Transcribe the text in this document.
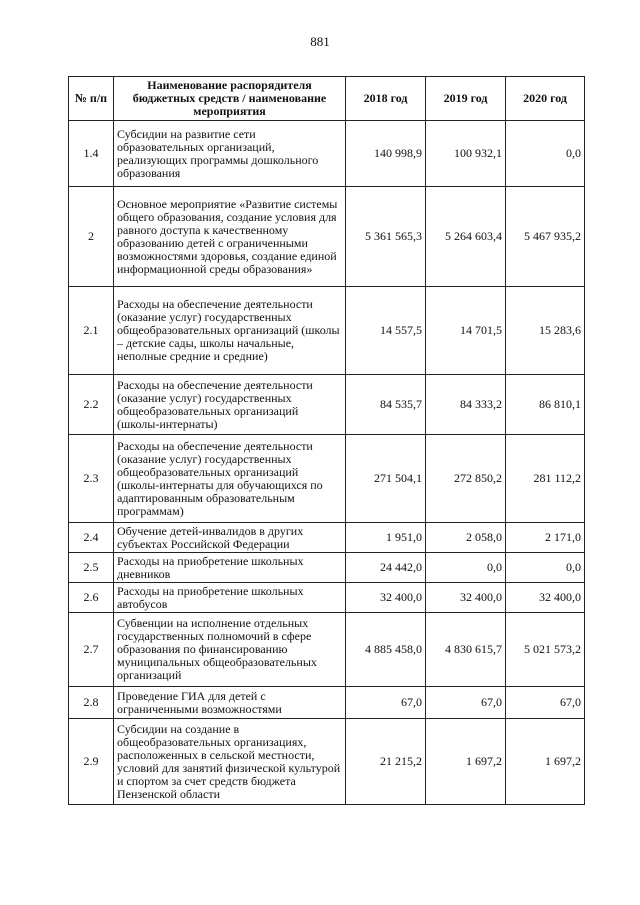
881
№ п/п	Наименование распорядителя бюджетных средств / наименование мероприятия	2018 год	2019 год	2020 год
1.4	Субсидии на развитие сети образовательных организаций, реализующих программы дошкольного образования	140 998,9	100 932,1	0,0
2	Основное мероприятие «Развитие системы общего образования, создание условия для равного доступа к качественному образованию детей с ограниченными возможностями здоровья, создание единой информационной среды образования»	5 361 565,3	5 264 603,4	5 467 935,2
2.1	Расходы на обеспечение деятельности (оказание услуг) государственных общеобразовательных организаций (школы – детские сады, школы начальные, неполные средние и средние)	14 557,5	14 701,5	15 283,6
2.2	Расходы на обеспечение деятельности (оказание услуг) государственных общеобразовательных организаций (школы-интернаты)	84 535,7	84 333,2	86 810,1
2.3	Расходы на обеспечение деятельности (оказание услуг) государственных общеобразовательных организаций (школы-интернаты для обучающихся по адаптированным образовательным программам)	271 504,1	272 850,2	281 112,2
2.4	Обучение детей-инвалидов в других субъектах Российской Федерации	1 951,0	2 058,0	2 171,0
2.5	Расходы на приобретение школьных дневников	24 442,0	0,0	0,0
2.6	Расходы на приобретение школьных автобусов	32 400,0	32 400,0	32 400,0
2.7	Субвенции на исполнение отдельных государственных полномочий в сфере образования по финансированию муниципальных общеобразовательных организаций	4 885 458,0	4 830 615,7	5 021 573,2
2.8	Проведение ГИА для детей с ограниченными возможностями	67,0	67,0	67,0
2.9	Субсидии на создание в общеобразовательных организациях, расположенных в сельской местности, условий для занятий физической культурой и спортом за счет средств бюджета Пензенской области	21 215,2	1 697,2	1 697,2
